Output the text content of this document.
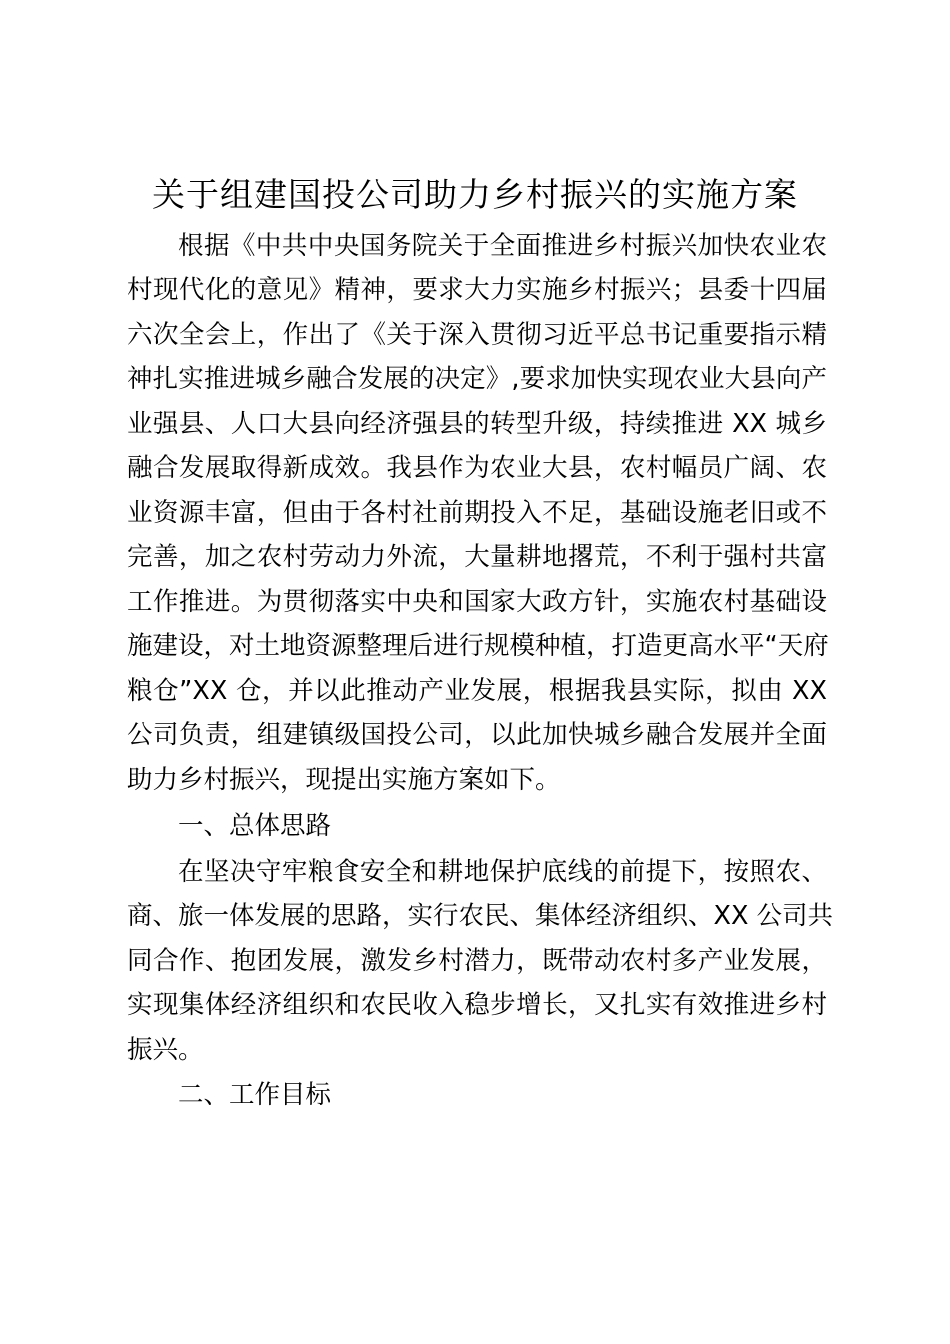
关于组建国投公司助力乡村振兴的实施方案
根据《中共中央国务院关于全面推进乡村振兴加快农业农
村现代化的意见》精神，要求大力实施乡村振兴；县委十四届
六次全会上，作出了《关于深入贯彻习近平总书记重要指示精
神扎实推进城乡融合发展的决定》,要求加快实现农业大县向产
业强县、人口大县向经济强县的转型升级，持续推进 XX 城乡
融合发展取得新成效。我县作为农业大县，农村幅员广阔、农
业资源丰富，但由于各村社前期投入不足，基础设施老旧或不
完善，加之农村劳动力外流，大量耕地撂荒，不利于强村共富
工作推进。为贯彻落实中央和国家大政方针，实施农村基础设
施建设，对土地资源整理后进行规模种植，打造更高水平“天府
粮仓”XX 仓，并以此推动产业发展，根据我县实际，拟由 XX
公司负责，组建镇级国投公司，以此加快城乡融合发展并全面
助力乡村振兴，现提出实施方案如下。
一、总体思路
在坚决守牢粮食安全和耕地保护底线的前提下，按照农、
商、旅一体发展的思路，实行农民、集体经济组织、XX 公司共
同合作、抱团发展，激发乡村潜力，既带动农村多产业发展，
实现集体经济组织和农民收入稳步增长，又扎实有效推进乡村
振兴。
二、工作目标
